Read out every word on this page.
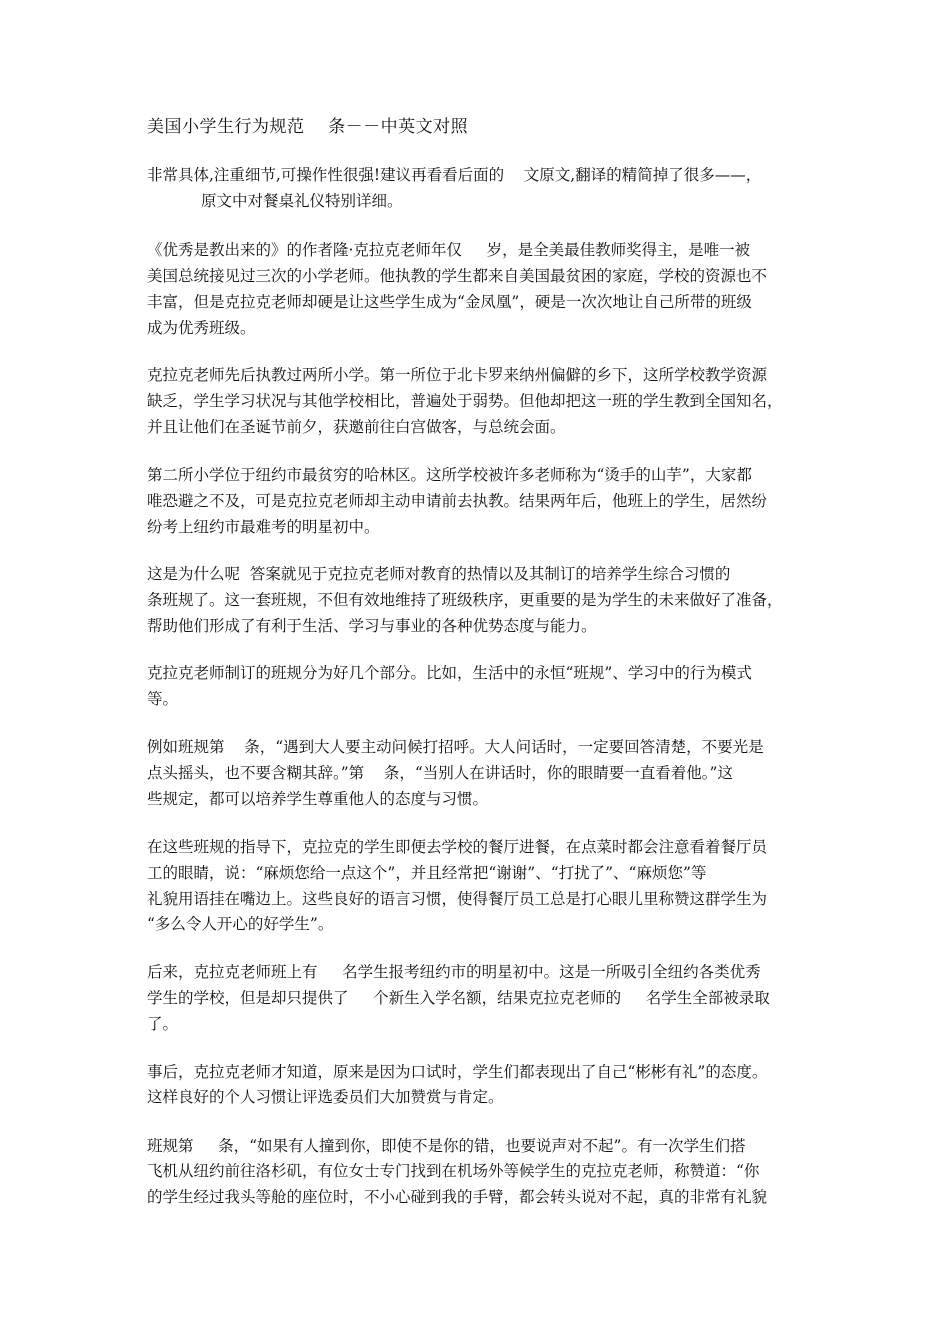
美国小学生行为规范    条－－中英文对照
非常具体,注重细节,可操作性很强!建议再看看后面的    文原文,翻译的精简掉了很多——，
原文中对餐桌礼仪特别详细。
《优秀是教出来的》的作者隆·克拉克老师年仅     岁，是全美最佳教师奖得主，是唯一被
美国总统接见过三次的小学老师。他执教的学生都来自美国最贫困的家庭，学校的资源也不
丰富，但是克拉克老师却硬是让这些学生成为“金凤凰”，硬是一次次地让自己所带的班级
成为优秀班级。
克拉克老师先后执教过两所小学。第一所位于北卡罗来纳州偏僻的乡下，这所学校教学资源
缺乏，学生学习状况与其他学校相比，普遍处于弱势。但他却把这一班的学生教到全国知名，
并且让他们在圣诞节前夕，获邀前往白宫做客，与总统会面。
第二所小学位于纽约市最贫穷的哈林区。这所学校被许多老师称为“烫手的山芋”，大家都
唯恐避之不及，可是克拉克老师却主动申请前去执教。结果两年后，他班上的学生，居然纷
纷考上纽约市最难考的明星初中。
这是为什么呢  答案就见于克拉克老师对教育的热情以及其制订的培养学生综合习惯的
条班规了。这一套班规，不但有效地维持了班级秩序，更重要的是为学生的未来做好了准备，
帮助他们形成了有利于生活、学习与事业的各种优势态度与能力。
克拉克老师制订的班规分为好几个部分。比如，生活中的永恒“班规”、学习中的行为模式
等。
例如班规第    条，“遇到大人要主动问候打招呼。大人问话时，一定要回答清楚，不要光是
点头摇头，也不要含糊其辞。”第    条，“当别人在讲话时，你的眼睛要一直看着他。”这
些规定，都可以培养学生尊重他人的态度与习惯。
在这些班规的指导下，克拉克的学生即便去学校的餐厅进餐，在点菜时都会注意看着餐厅员
工的眼睛，说：“麻烦您给一点这个”，并且经常把“谢谢”、“打扰了”、“麻烦您”等
礼貌用语挂在嘴边上。这些良好的语言习惯，使得餐厅员工总是打心眼儿里称赞这群学生为
“多么令人开心的好学生”。
后来，克拉克老师班上有     名学生报考纽约市的明星初中。这是一所吸引全纽约各类优秀
学生的学校，但是却只提供了     个新生入学名额，结果克拉克老师的     名学生全部被录取
了。
事后，克拉克老师才知道，原来是因为口试时，学生们都表现出了自己“彬彬有礼”的态度。
这样良好的个人习惯让评选委员们大加赞赏与肯定。
班规第     条，“如果有人撞到你，即使不是你的错，也要说声对不起”。有一次学生们搭
飞机从纽约前往洛杉矶，有位女士专门找到在机场外等候学生的克拉克老师，称赞道：“你
的学生经过我头等舱的座位时，不小心碰到我的手臂，都会转头说对不起，真的非常有礼貌
